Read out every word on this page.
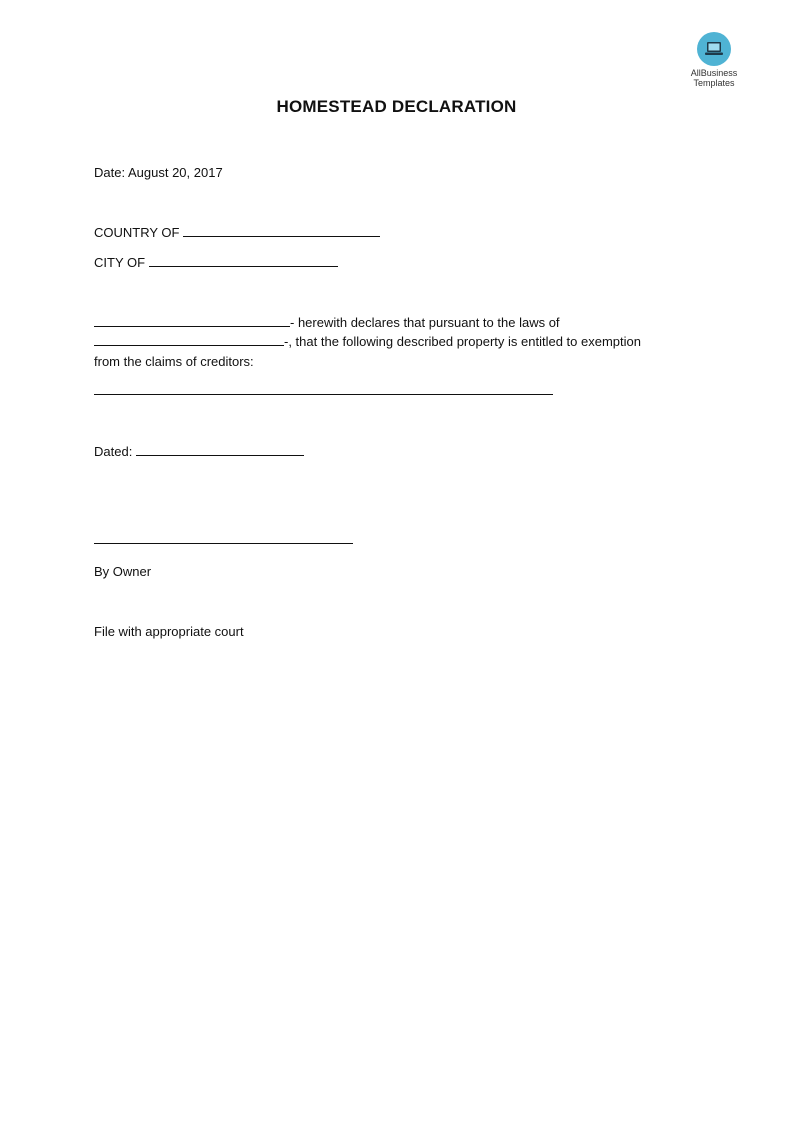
AllBusiness
Templates
HOMESTEAD DECLARATION
Date: August 20, 2017
COUNTRY OF
CITY OF
- herewith declares that pursuant to the laws of
-, that the following described property is entitled to exemption
from the claims of creditors:
Dated:
By Owner
File with appropriate court
